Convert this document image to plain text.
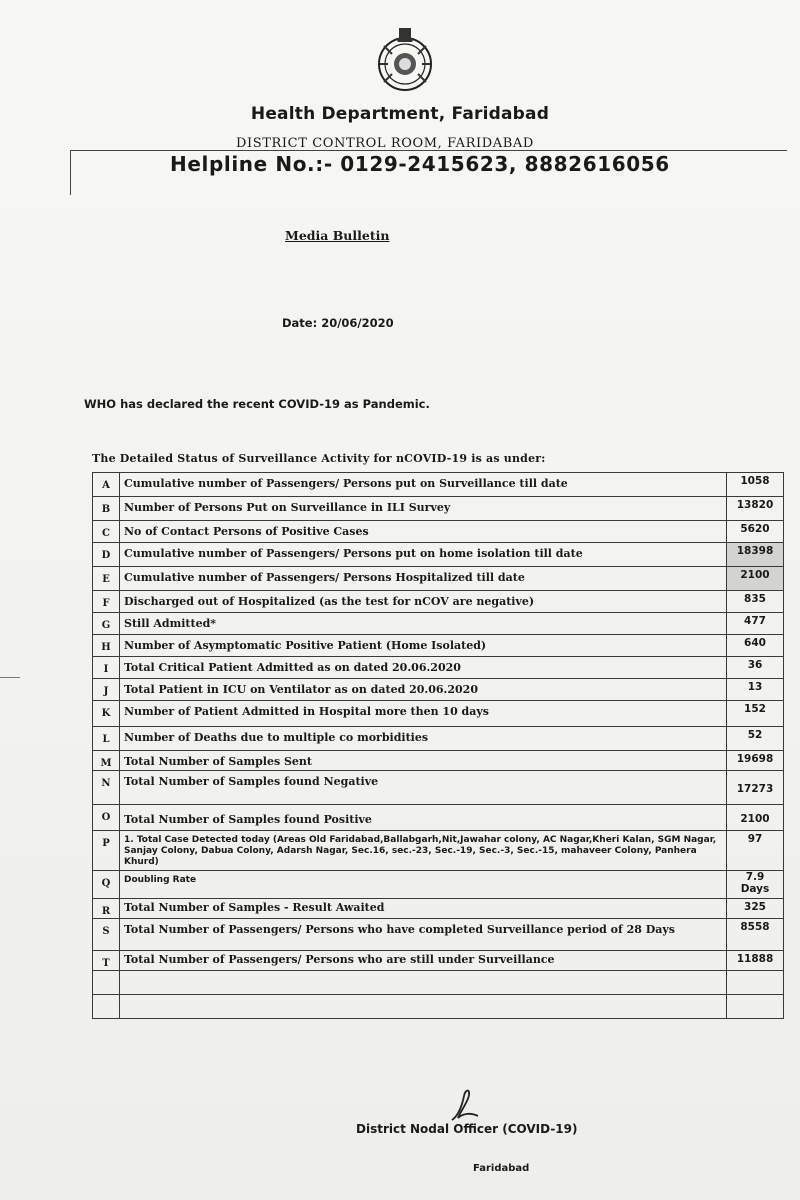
Health Department, Faridabad
DISTRICT CONTROL ROOM, FARIDABAD
Helpline No.:- 0129-2415623, 8882616056
Media Bulletin
Date: 20/06/2020
WHO has declared the recent COVID-19 as Pandemic.
The Detailed Status of Surveillance Activity for nCOVID-19 is as under:
A	Cumulative number of Passengers/ Persons put on Surveillance till date	1058
B	Number of Persons Put on Surveillance in ILI Survey	13820
C	No of Contact Persons of Positive Cases	5620
D	Cumulative number of Passengers/ Persons put on home isolation till date	18398
E	Cumulative number of Passengers/ Persons Hospitalized till date	2100
F	Discharged out of Hospitalized (as the test for nCOV are negative)	835
G	Still Admitted*	477
H	Number of Asymptomatic Positive Patient (Home Isolated)	640
I	Total Critical Patient Admitted as on dated 20.06.2020	36
J	Total Patient in ICU on Ventilator as on dated 20.06.2020	13
K	Number of Patient Admitted in Hospital more then 10 days	152
L	Number of Deaths due to multiple co morbidities	52
M	Total Number of Samples Sent	19698
N	Total Number of Samples found Negative	17273
O	Total Number of Samples found Positive	2100
P	1. Total Case Detected today (Areas Old Faridabad,Ballabgarh,Nit,Jawahar colony, AC Nagar,Kheri Kalan, SGM Nagar, Sanjay Colony, Dabua Colony, Adarsh Nagar, Sec.16, sec.-23, Sec.-19, Sec.-3, Sec.-15, mahaveer Colony, Panhera Khurd)	97
Q	Doubling Rate	7.9 Days
R	Total Number of Samples - Result Awaited	325
S	Total Number of Passengers/ Persons who have completed Surveillance period of 28 Days	8558
T	Total Number of Passengers/ Persons who are still under Surveillance	11888

District Nodal Officer (COVID-19)
Faridabad
